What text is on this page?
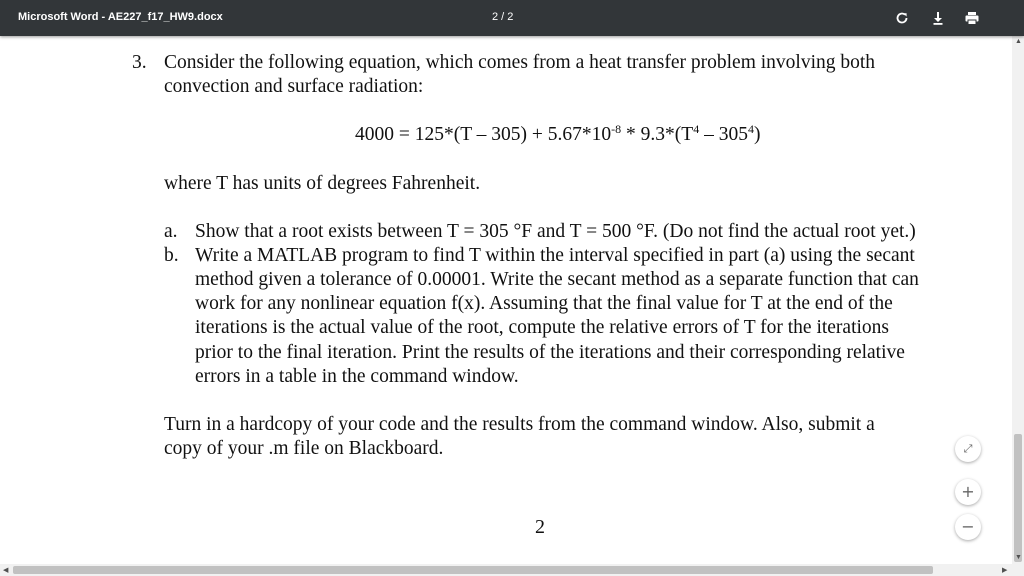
Microsoft Word - AE227_f17_HW9.docx	2 / 2
3. Consider the following equation, which comes from a heat transfer problem involving both
convection and surface radiation:
$4000 = 125*(T - 305) + 5.67*10^{-8} * 9.3*(T^4 - 305^4)$
where T has units of degrees Fahrenheit.
a. Show that a root exists between T = 305 °F and T = 500 °F. (Do not find the actual root yet.)
b. Write a MATLAB program to find T within the interval specified in part (a) using the secant
method given a tolerance of 0.00001. Write the secant method as a separate function that can
work for any nonlinear equation f(x). Assuming that the final value for T at the end of the
iterations is the actual value of the root, compute the relative errors of T for the iterations
prior to the final iteration. Print the results of the iterations and their corresponding relative
errors in a table in the command window.
Turn in a hardcopy of your code and the results from the command window. Also, submit a
copy of your .m file on Blackboard.
2
⤢
+
−
▲
▼
◀	▶
